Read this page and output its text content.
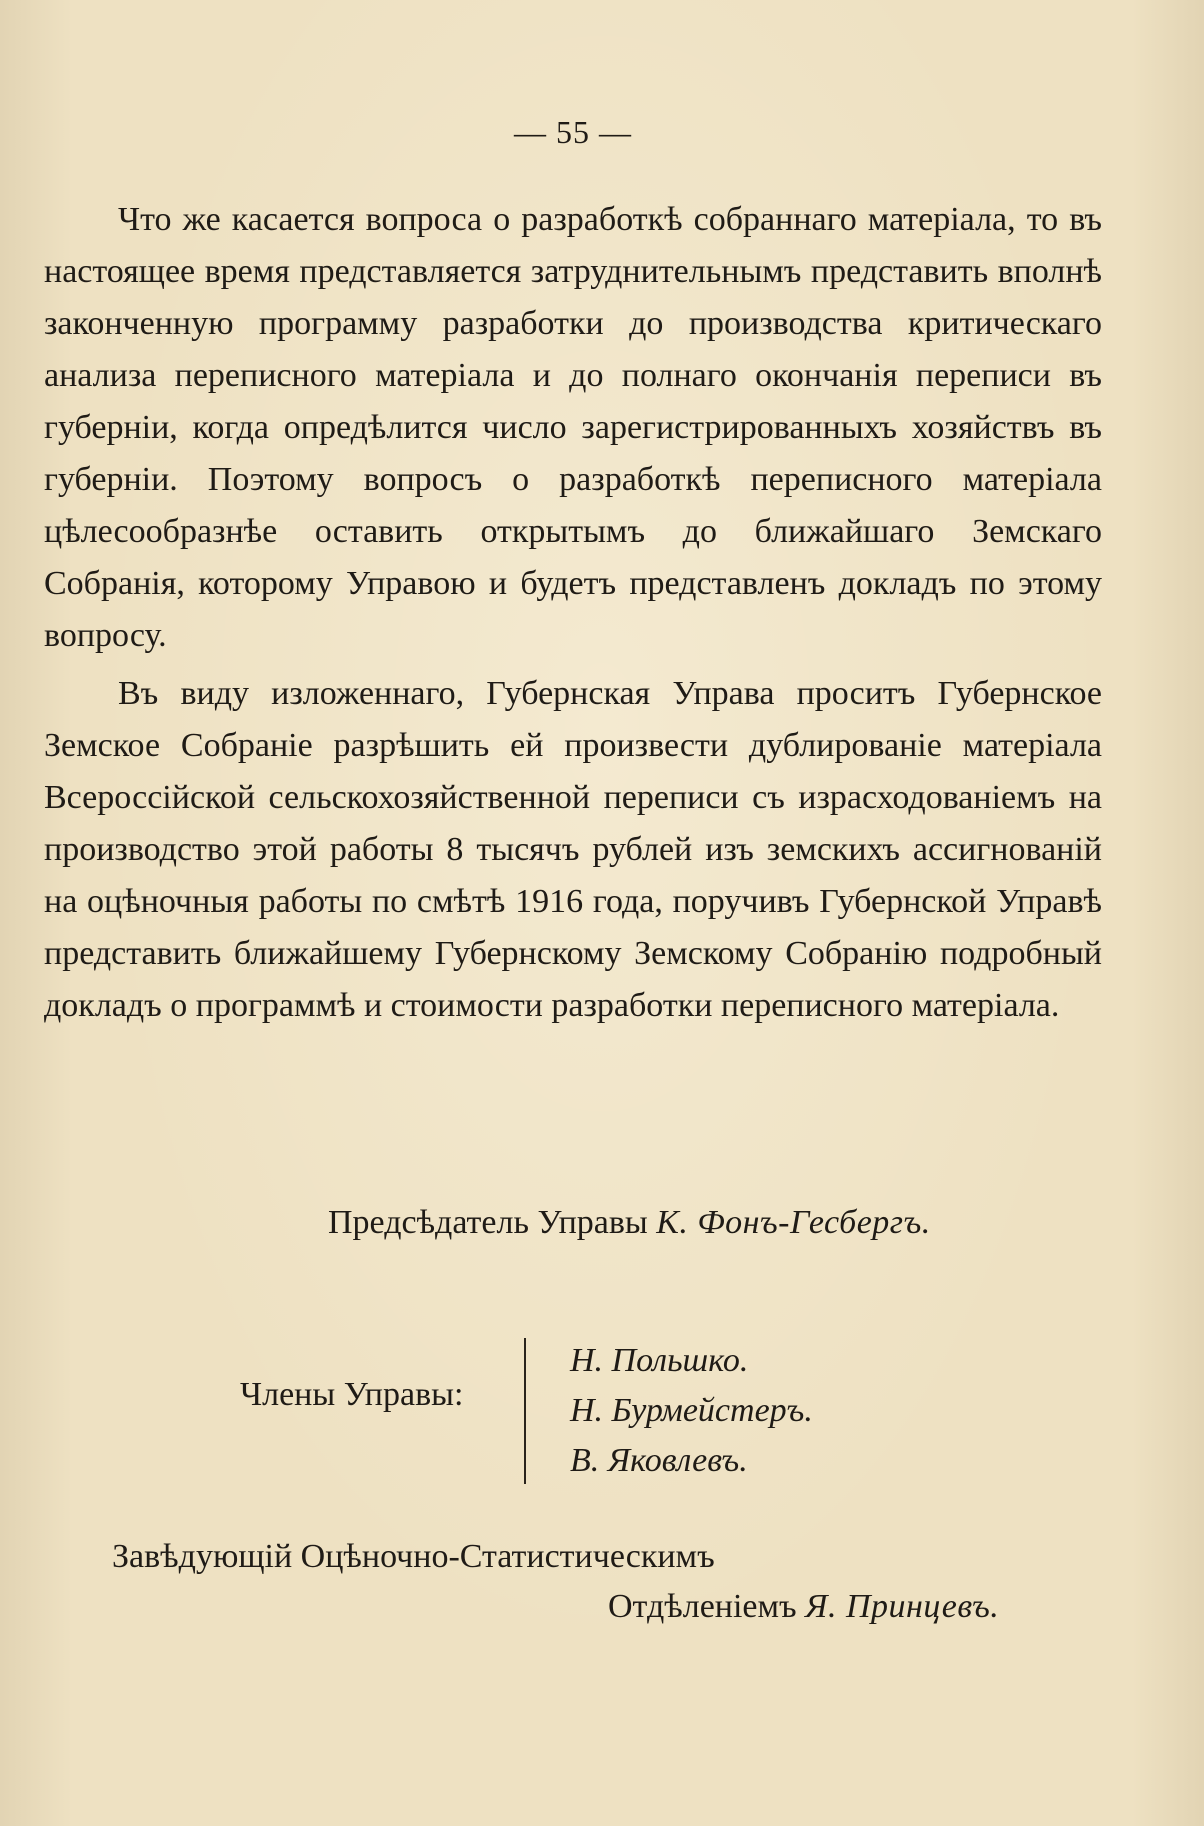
— 55 —

Что же касается вопроса о разработкѣ собраннаго матеріала, то въ настоящее время представляется затруднительнымъ представить вполнѣ законченную программу разработки до производства критическаго анализа переписного матеріала и до полнаго окончанія переписи въ губерніи, когда опредѣлится число зарегистрированныхъ хозяйствъ въ губерніи. Поэтому вопросъ о разработкѣ переписного матеріала цѣлесообразнѣе оставить открытымъ до ближайшаго Земскаго Собранія, которому Управою и будетъ представленъ докладъ по этому вопросу.

Въ виду изложеннаго, Губернская Управа проситъ Губернское Земское Собраніе разрѣшить ей произвести дублированіе матеріала Всероссійской сельскохозяйственной переписи съ израсходованіемъ на производство этой работы 8 тысячъ рублей изъ земскихъ ассигнованій на оцѣночныя работы по смѣтѣ 1916 года, поручивъ Губернской Управѣ представить ближайшему Губернскому Земскому Собранію подробный докладъ о программѣ и стоимости разработки переписного матеріала.

Предсѣдатель Управы К. Фонъ-Гесбергъ.
Члены Управы:
Н. Польшко.
Н. Бурмейстеръ.
В. Яковлевъ.
Завѣдующій Оцѣночно-Статистическимъ
Отдѣленіемъ Я. Принцевъ.
